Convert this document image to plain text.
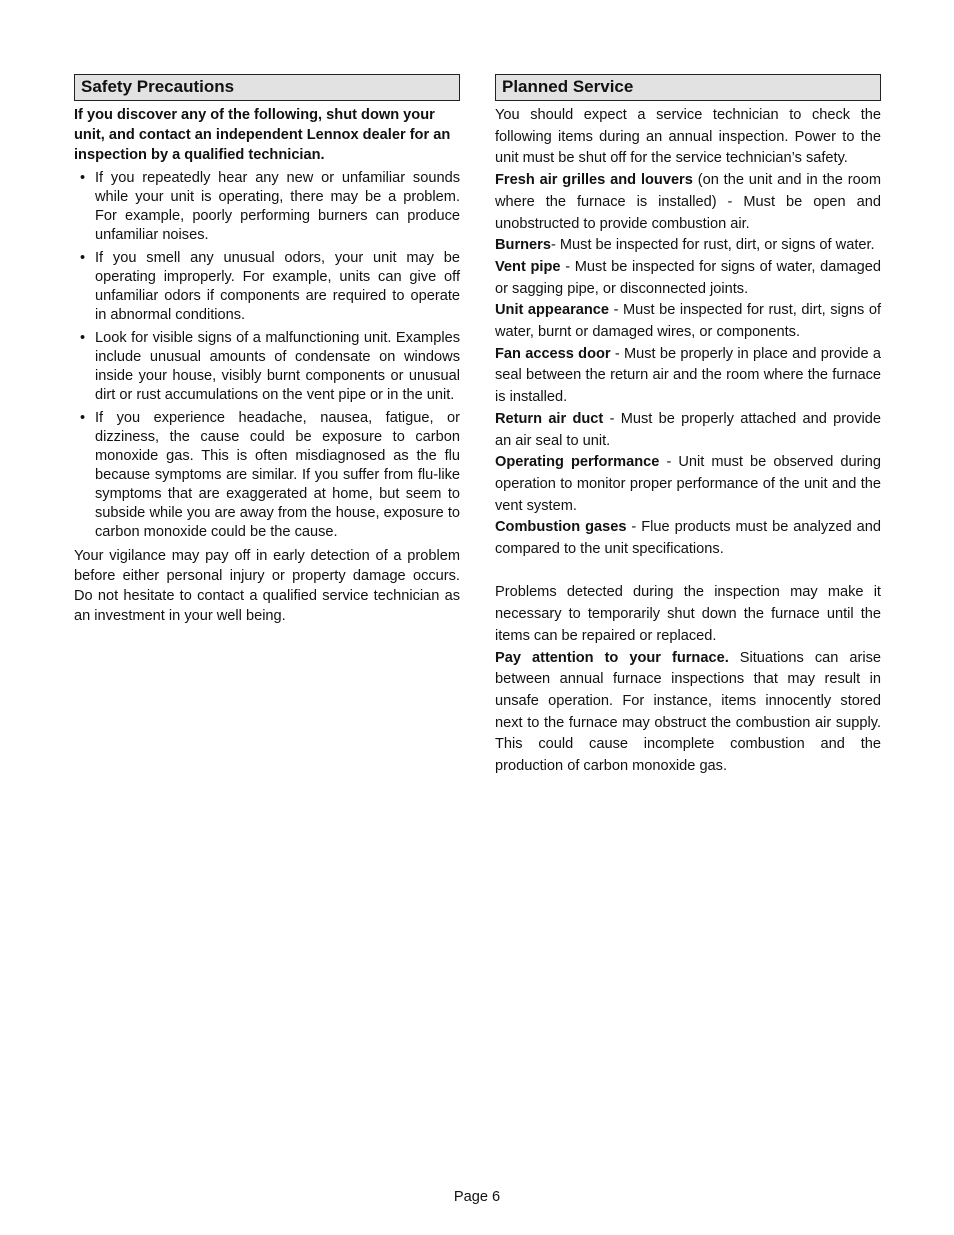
Safety Precautions

If you discover any of the following, shut down your unit, and contact an independent Lennox dealer for an inspection by a qualified technician.

• If you repeatedly hear any new or unfamiliar sounds while your unit is operating, there may be a problem. For example, poorly performing burners can produce unfamiliar noises.
• If you smell any unusual odors, your unit may be operating improperly. For example, units can give off unfamiliar odors if components are required to operate in abnormal conditions.
• Look for visible signs of a malfunctioning unit. Examples include unusual amounts of condensate on windows inside your house, visibly burnt components or unusual dirt or rust accumulations on the vent pipe or in the unit.
• If you experience headache, nausea, fatigue, or dizziness, the cause could be exposure to carbon monoxide gas. This is often misdiagnosed as the flu because symptoms are similar. If you suffer from flu-like symptoms that are exaggerated at home, but seem to subside while you are away from the house, exposure to carbon monoxide could be the cause.

Your vigilance may pay off in early detection of a problem before either personal injury or property damage occurs. Do not hesitate to contact a qualified service technician as an investment in your well being.

Planned Service

You should expect a service technician to check the following items during an annual inspection. Power to the unit must be shut off for the service technician’s safety.

Fresh air grilles and louvers (on the unit and in the room where the furnace is installed) - Must be open and unobstructed to provide combustion air.

Burners- Must be inspected for rust, dirt, or signs of water.

Vent pipe - Must be inspected for signs of water, damaged or sagging pipe, or disconnected joints.

Unit appearance - Must be inspected for rust, dirt, signs of water, burnt or damaged wires, or components.

Fan access door - Must be properly in place and provide a seal between the return air and the room where the furnace is installed.

Return air duct - Must be properly attached and provide an air seal to unit.

Operating performance - Unit must be observed during operation to monitor proper performance of the unit and the vent system.

Combustion gases - Flue products must be analyzed and compared to the unit specifications.

Problems detected during the inspection may make it necessary to temporarily shut down the furnace until the items can be repaired or replaced.

Pay attention to your furnace. Situations can arise between annual furnace inspections that may result in unsafe operation. For instance, items innocently stored next to the furnace may obstruct the combustion air supply. This could cause incomplete combustion and the production of carbon monoxide gas.

Page 6
